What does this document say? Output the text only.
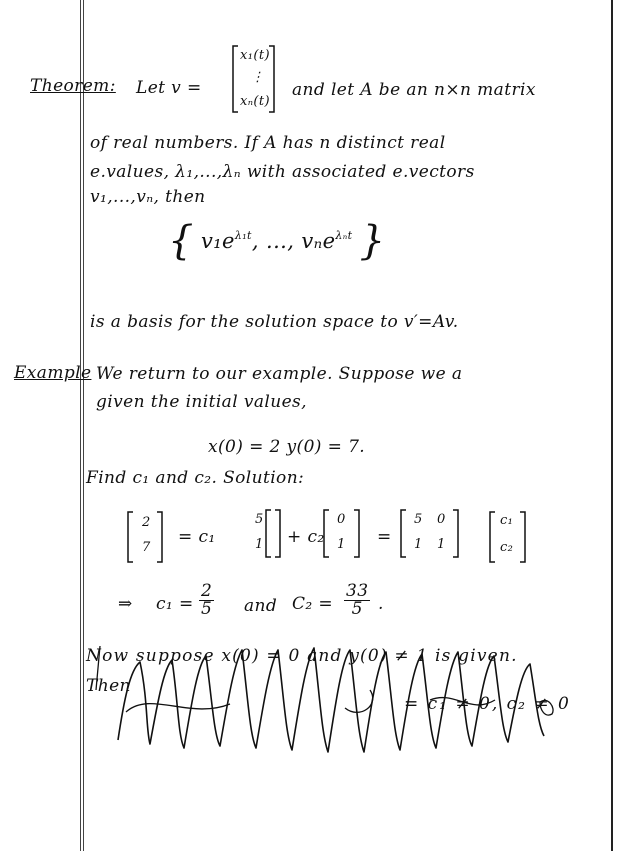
Theorem: Let v =
x₁(t)
⋮
xₙ(t)
and let A be an n×n matrix
of real numbers. If A has n distinct real
e.values, λ₁,...,λₙ with associated e.vectors
v₁,...,vₙ, then
{ $v_1e^{\lambda_1t}$, ..., vₙe$^{\lambda_nt}$ }
is a basis for the solution space to v′=Av.
Example We return to our example. Suppose we a
given the initial values,
x(0) = 2 y(0) = 7.
Find c₁ and c₂. Solution:
2
7
= c₁
5
1 + c₂
0
1 =
5 0
1 1
c₁
c₂
⇒ $c_1 = \frac{2}{5}$ and $C_2 = \frac{33}{5}$ .
Now suppose x(0) = 0 and y(0) ≠ 1 is given.
Then
= c₁ ≠ 0, c₂ ≠ 0
